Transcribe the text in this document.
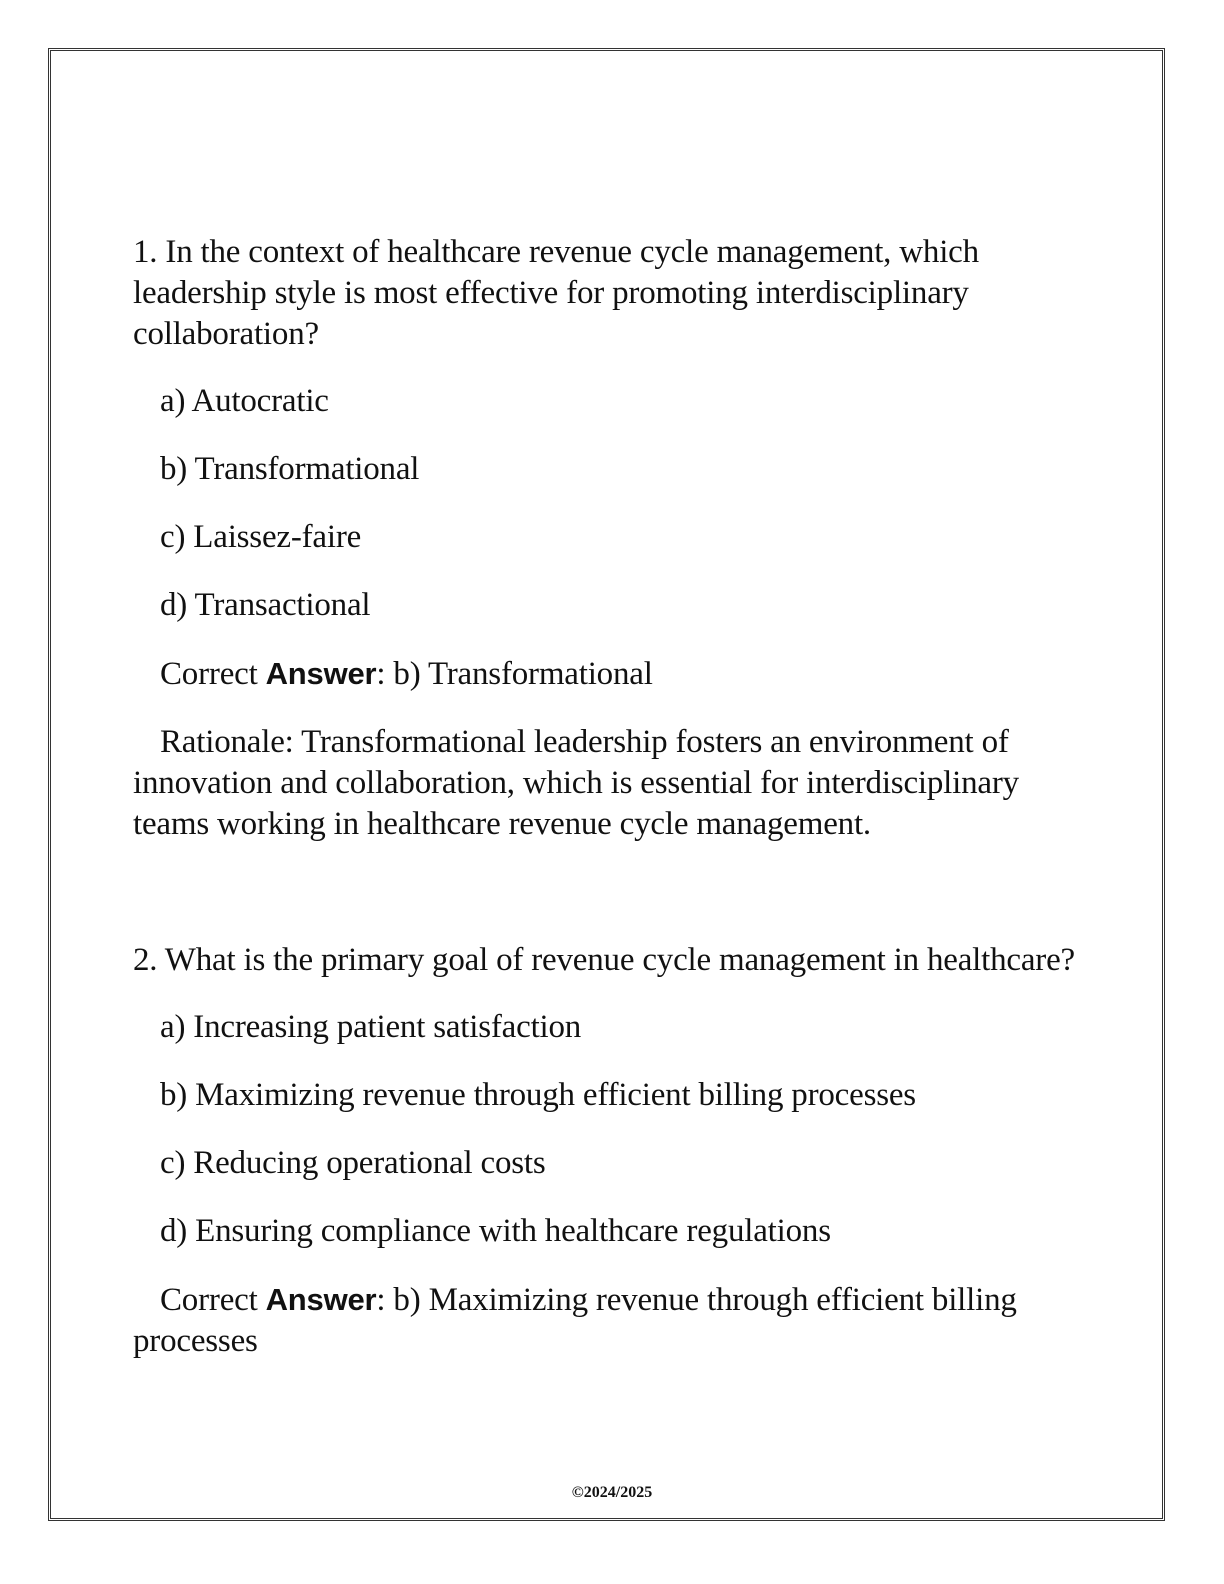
1. In the context of healthcare revenue cycle management, which leadership style is most effective for promoting interdisciplinary collaboration?

a) Autocratic

b) Transformational

c) Laissez-faire

d) Transactional

Correct Answer: b) Transformational

Rationale: Transformational leadership fosters an environment of innovation and collaboration, which is essential for interdisciplinary teams working in healthcare revenue cycle management.

2. What is the primary goal of revenue cycle management in healthcare?

a) Increasing patient satisfaction

b) Maximizing revenue through efficient billing processes

c) Reducing operational costs

d) Ensuring compliance with healthcare regulations

Correct Answer: b) Maximizing revenue through efficient billing processes

©2024/2025
